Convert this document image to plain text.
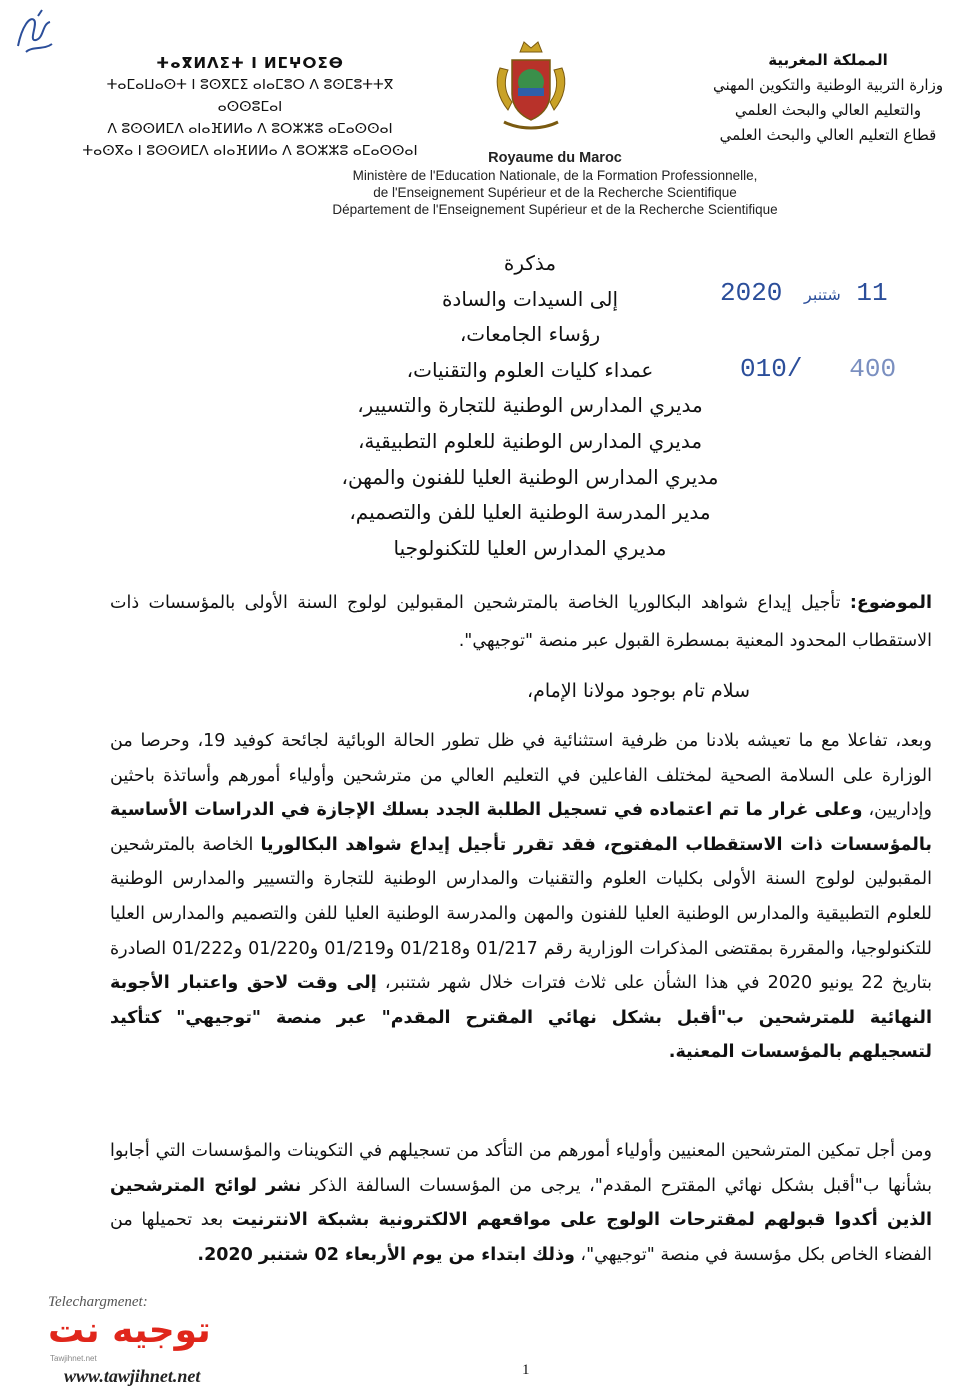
ⵜⴰⴳⵍⴷⵉⵜ ⵏ ⵍⵎⵖⵔⵉⴱ
ⵜⴰⵎⴰⵡⴰⵙⵜ ⵏ ⵓⵙⴳⵎⵉ ⴰⵏⴰⵎⵓⵔ ⴷ ⵓⵙⵎⵓⵜⵜⴳ ⴰⵙⵙⵓⵎⴰⵏ
ⴷ ⵓⵙⵙⵍⵎⴷ ⴰⵏⴰⴼⵍⵍⴰ ⴷ ⵓⵔⵣⵣⵓ ⴰⵎⴰⵙⵙⴰⵏ
ⵜⴰⵙⴳⴰ ⵏ ⵓⵙⵙⵍⵎⴷ ⴰⵏⴰⴼⵍⵍⴰ ⴷ ⵓⵔⵣⵣⵓ ⴰⵎⴰⵙⵙⴰⵏ
المملكة المغربية
وزارة التربية الوطنية والتكوين المهني
والتعليم العالي والبحث العلمي
قطاع التعليم العالي والبحث العلمي
Royaume du Maroc
Ministère de l'Education Nationale, de la Formation Professionnelle,
de l'Enseignement Supérieur et de la Recherche Scientifique
Département de l'Enseignement Supérieur et de la Recherche Scientifique
11 شتنبر 2020
010/ 400
مذكرة
إلى السيدات والسادة
رؤساء الجامعات،
عمداء كليات العلوم والتقنيات،
مديري المدارس الوطنية للتجارة والتسيير،
مديري المدارس الوطنية للعلوم التطبيقية،
مديري المدارس الوطنية العليا للفنون والمهن،
مدير المدرسة الوطنية العليا للفن والتصميم،
مديري المدارس العليا للتكنولوجيا

الموضوع: تأجيل إيداع شواهد البكالوريا الخاصة بالمترشحين المقبولين لولوج السنة الأولى بالمؤسسات ذات الاستقطاب المحدود المعنية بمسطرة القبول عبر منصة "توجيهي".

سلام تام بوجود مولانا الإمام،

وبعد، تفاعلا مع ما تعيشه بلادنا من ظرفية استثنائية في ظل تطور الحالة الوبائية لجائحة كوفيد 19، وحرصا من الوزارة على السلامة الصحية لمختلف الفاعلين في التعليم العالي من مترشحين وأولياء أمورهم وأساتذة باحثين وإداريين، وعلى غرار ما تم اعتماده في تسجيل الطلبة الجدد بسلك الإجازة في الدراسات الأساسية بالمؤسسات ذات الاستقطاب المفتوح، فقد تقرر تأجيل إيداع شواهد البكالوريا الخاصة بالمترشحين المقبولين لولوج السنة الأولى بكليات العلوم والتقنيات والمدارس الوطنية للتجارة والتسيير والمدارس الوطنية للعلوم التطبيقية والمدارس الوطنية العليا للفنون والمهن والمدرسة الوطنية العليا للفن والتصميم والمدارس العليا للتكنولوجيا، والمقررة بمقتضى المذكرات الوزارية رقم 01/217 و01/218 و01/219 و01/220 و01/222 الصادرة بتاريخ 22 يونيو 2020 في هذا الشأن على ثلاث فترات خلال شهر شتنبر، إلى وقت لاحق واعتبار الأجوبة النهائية للمترشحين ب"أقبل بشكل نهائي المقترح المقدم" عبر منصة "توجيهي" كتأكيد لتسجيلهم بالمؤسسات المعنية.

ومن أجل تمكين المترشحين المعنيين وأولياء أمورهم من التأكد من تسجيلهم في التكوينات والمؤسسات التي أجابوا بشأنها ب"أقبل بشكل نهائي المقترح المقدم"، يرجى من المؤسسات السالفة الذكر نشر لوائح المترشحين الذين أكدوا قبولهم لمقترحات الولوج على مواقعهم الالكترونية بشبكة الانترنيت بعد تحميلها من الفضاء الخاص بكل مؤسسة في منصة "توجيهي"، وذلك ابتداء من يوم الأربعاء 02 شتنبر 2020.

1
Telechargmenet:
توجيه نت
Tawjihnet.net
www.tawjihnet.net
